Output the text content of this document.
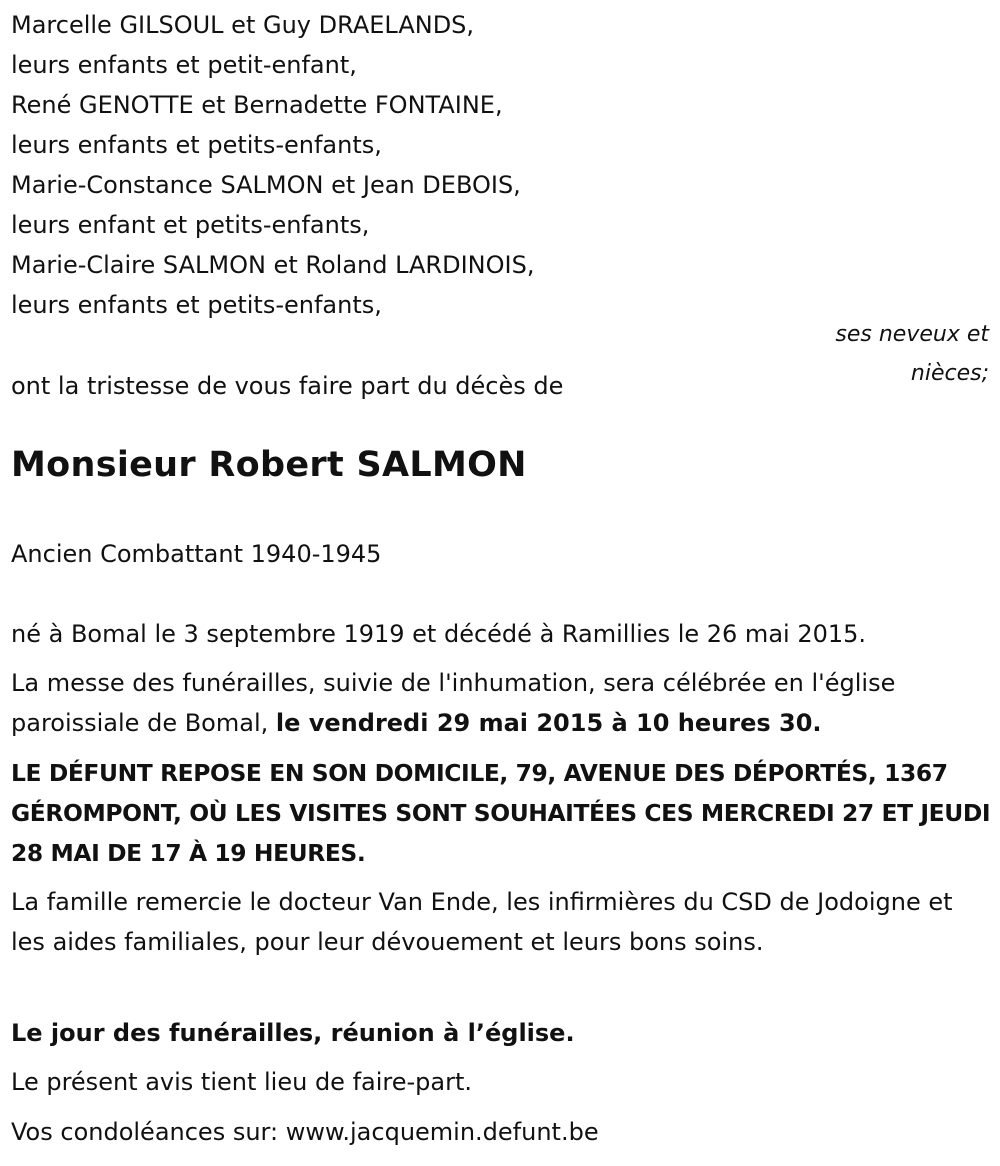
Marcelle GILSOUL et Guy DRAELANDS,
leurs enfants et petit-enfant,
René GENOTTE et Bernadette FONTAINE,
leurs enfants et petits-enfants,
Marie-Constance SALMON et Jean DEBOIS,
leurs enfant et petits-enfants,
Marie-Claire SALMON et Roland LARDINOIS,
leurs enfants et petits-enfants,
ses neveux et
nièces;
ont la tristesse de vous faire part du décès de
Monsieur Robert SALMON
Ancien Combattant 1940-1945
né à Bomal le 3 septembre 1919 et décédé à Ramillies le 26 mai 2015.
La messe des funérailles, suivie de l'inhumation, sera célébrée en l'église paroissiale de Bomal, le vendredi 29 mai 2015 à 10 heures 30.
LE DÉFUNT REPOSE EN SON DOMICILE, 79, AVENUE DES DÉPORTÉS, 1367 GÉROMPONT, OÙ LES VISITES SONT SOUHAITÉES CES MERCREDI 27 ET JEUDI 28 MAI DE 17 À 19 HEURES.
La famille remercie le docteur Van Ende, les infirmières du CSD de Jodoigne et les aides familiales, pour leur dévouement et leurs bons soins.
Le jour des funérailles, réunion à l’église.
Le présent avis tient lieu de faire-part.
Vos condoléances sur: www.jacquemin.defunt.be
